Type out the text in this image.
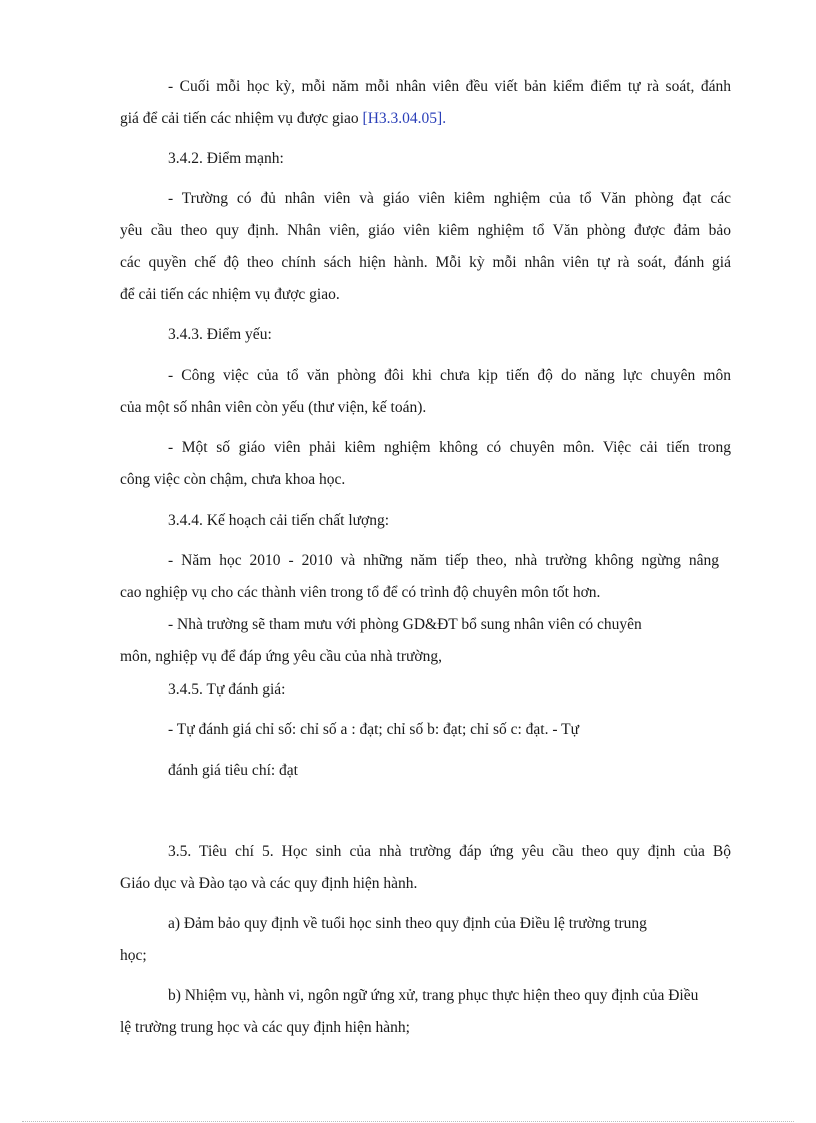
- Cuối mỗi học kỳ, mỗi năm mỗi nhân viên đều viết bản kiểm điểm tự rà soát, đánh
giá để cải tiến các nhiệm vụ được giao [H3.3.04.05].
3.4.2. Điểm mạnh:
- Trường có đủ nhân viên và giáo viên kiêm nghiệm của tổ Văn phòng đạt các
yêu cầu theo quy định. Nhân viên, giáo viên kiêm nghiệm tổ Văn phòng được đảm bảo
các quyền chế độ theo chính sách hiện hành. Mỗi kỳ mỗi nhân viên tự rà soát, đánh giá
để cải tiến các nhiệm vụ được giao.
3.4.3. Điểm yếu:
- Công việc của tổ văn phòng đôi khi chưa kịp tiến độ do năng lực chuyên môn
của một số nhân viên còn yếu (thư viện, kế toán).
- Một số giáo viên phải kiêm nghiệm không có chuyên môn. Việc cải tiến trong
công việc còn chậm, chưa khoa học.
3.4.4. Kế hoạch cải tiến chất lượng:
- Năm học 2010 - 2010 và những năm tiếp theo, nhà trường không ngừng nâng
cao nghiệp vụ cho các thành viên trong tổ để có trình độ chuyên môn tốt hơn.
- Nhà trường sẽ tham mưu với phòng GD&ĐT bổ sung nhân viên có chuyên
môn, nghiệp vụ để đáp ứng yêu cầu của nhà trường,
3.4.5. Tự đánh giá:
- Tự đánh giá chỉ số: chỉ số a : đạt; chỉ số b: đạt; chỉ số c: đạt. - Tự
đánh giá tiêu chí: đạt
3.5. Tiêu chí 5. Học sinh của nhà trường đáp ứng yêu cầu theo quy định của Bộ
Giáo dục và Đào tạo và các quy định hiện hành.
a) Đảm bảo quy định về tuổi học sinh theo quy định của Điều lệ trường trung
học;
b) Nhiệm vụ, hành vi, ngôn ngữ ứng xử, trang phục thực hiện theo quy định của Điều
lệ trường trung học và các quy định hiện hành;
